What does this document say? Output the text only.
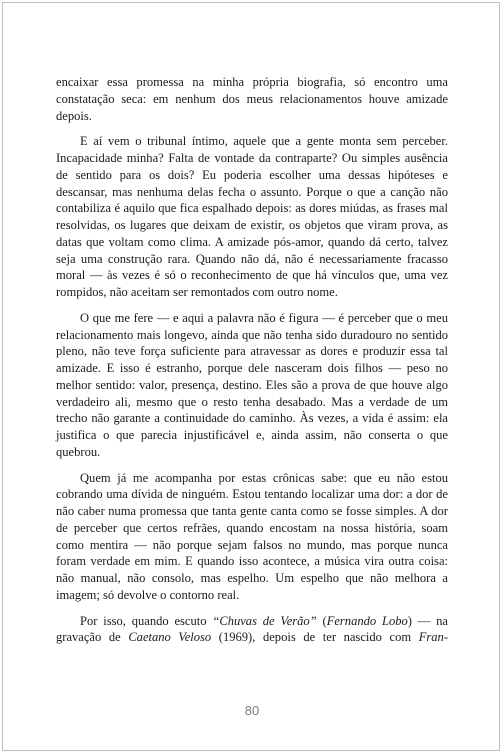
encaixar essa promessa na minha própria biografia, só encontro uma constatação seca: em nenhum dos meus relacionamentos houve amizade depois.

E aí vem o tribunal íntimo, aquele que a gente monta sem perceber. Incapacidade minha? Falta de vontade da contraparte? Ou simples ausência de sentido para os dois? Eu poderia escolher uma dessas hipóteses e descansar, mas nenhuma delas fecha o assunto. Porque o que a canção não contabiliza é aquilo que fica espalhado depois: as dores miúdas, as frases mal resolvidas, os lugares que deixam de existir, os objetos que viram prova, as datas que voltam como clima. A amizade pós-amor, quando dá certo, talvez seja uma construção rara. Quando não dá, não é necessariamente fracasso moral — às vezes é só o reconhecimento de que há vínculos que, uma vez rompidos, não aceitam ser remontados com outro nome.

O que me fere — e aqui a palavra não é figura — é perceber que o meu relacionamento mais longevo, ainda que não tenha sido duradouro no sentido pleno, não teve força suficiente para atravessar as dores e produzir essa tal amizade. E isso é estranho, porque dele nasceram dois filhos — peso no melhor sentido: valor, presença, destino. Eles são a prova de que houve algo verdadeiro ali, mesmo que o resto tenha desabado. Mas a verdade de um trecho não garante a continuidade do caminho. Às vezes, a vida é assim: ela justifica o que parecia injustificável e, ainda assim, não conserta o que quebrou.

Quem já me acompanha por estas crônicas sabe: que eu não estou cobrando uma dívida de ninguém. Estou tentando localizar uma dor: a dor de não caber numa promessa que tanta gente canta como se fosse simples. A dor de perceber que certos refrães, quando encostam na nossa história, soam como mentira — não porque sejam falsos no mundo, mas porque nunca foram verdade em mim. E quando isso acontece, a música vira outra coisa: não manual, não consolo, mas espelho. Um espelho que não melhora a imagem; só devolve o contorno real.

Por isso, quando escuto “Chuvas de Verão” (Fernando Lobo) — na gravação de Caetano Veloso (1969), depois de ter nascido com Fran-

80
